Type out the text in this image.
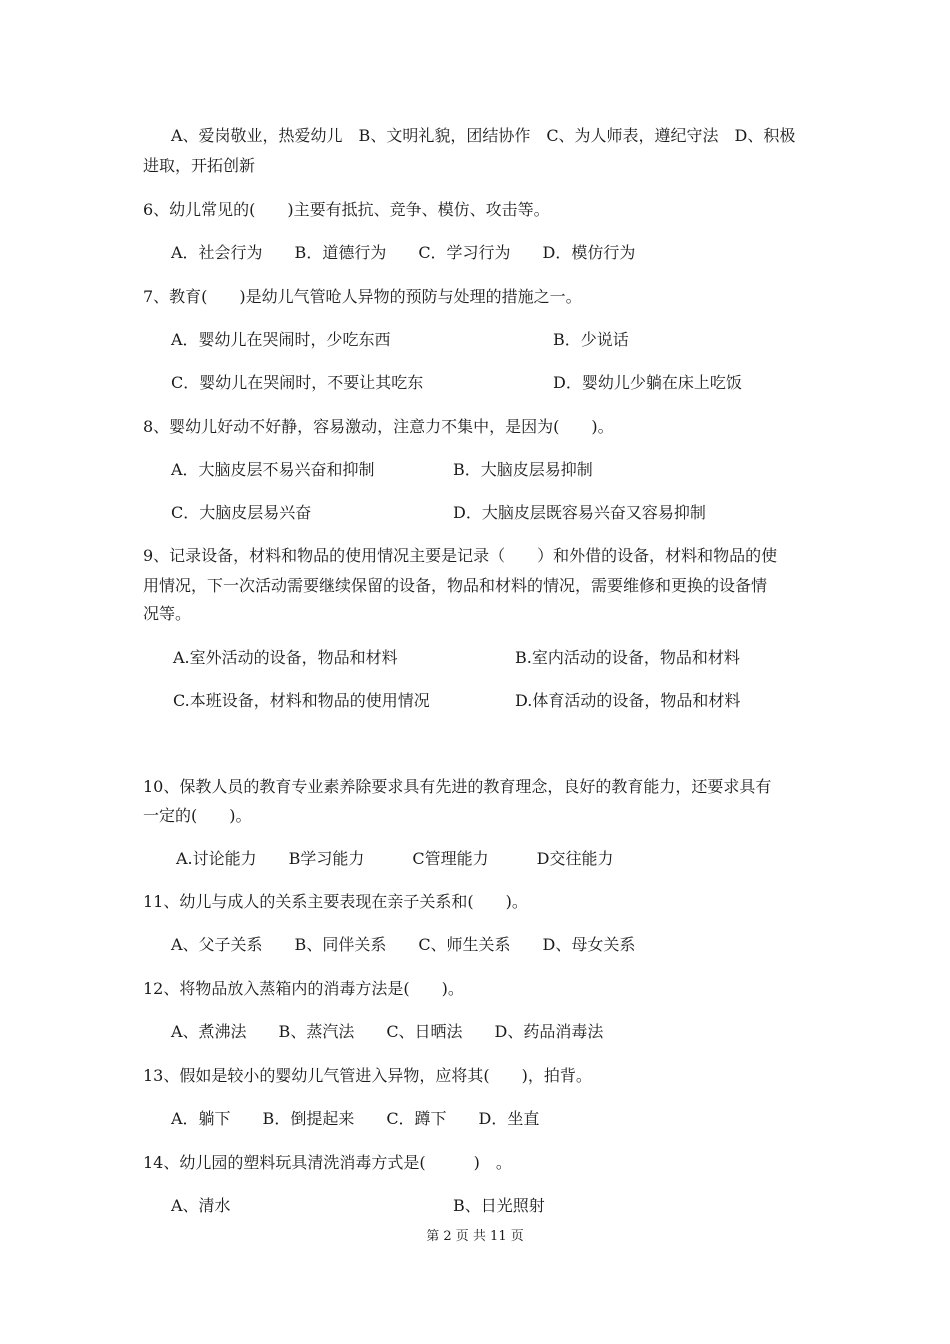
A、爱岗敬业，热爱幼儿　B、文明礼貌，团结协作　C、为人师表，遵纪守法　D、积极
进取，开拓创新
6、幼儿常见的(　　)主要有抵抗、竞争、模仿、攻击等。
A．社会行为　　B．道德行为　　C．学习行为　　D．模仿行为
7、教育(　　)是幼儿气管呛人异物的预防与处理的措施之一。
A．婴幼儿在哭闹时，少吃东西	B．少说话
C．婴幼儿在哭闹时，不要让其吃东	D．婴幼儿少躺在床上吃饭
8、婴幼儿好动不好静，容易激动，注意力不集中，是因为(　　)。
A．大脑皮层不易兴奋和抑制	B．大脑皮层易抑制
C．大脑皮层易兴奋	D．大脑皮层既容易兴奋又容易抑制
9、记录设备，材料和物品的使用情况主要是记录（　　）和外借的设备，材料和物品的使
用情况，下一次活动需要继续保留的设备，物品和材料的情况，需要维修和更换的设备情
况等。
A.室外活动的设备，物品和材料	B.室内活动的设备，物品和材料
C.本班设备，材料和物品的使用情况	D.体育活动的设备，物品和材料
10、保教人员的教育专业素养除要求具有先进的教育理念，良好的教育能力，还要求具有
一定的(　　)。
A.讨论能力　　B学习能力　　　C管理能力　　　D交往能力
11、幼儿与成人的关系主要表现在亲子关系和(　　)。
A、父子关系　　B、同伴关系　　C、师生关系　　D、母女关系
12、将物品放入蒸箱内的消毒方法是(　　)。
A、煮沸法　　B、蒸汽法　　C、日晒法　　D、药品消毒法
13、假如是较小的婴幼儿气管进入异物，应将其(　　)，拍背。
A．躺下　　B．倒提起来　　C．蹲下　　D．坐直
14、幼儿园的塑料玩具清洗消毒方式是(　　　)　。
A、清水	B、日光照射
第 2 页 共 11 页
